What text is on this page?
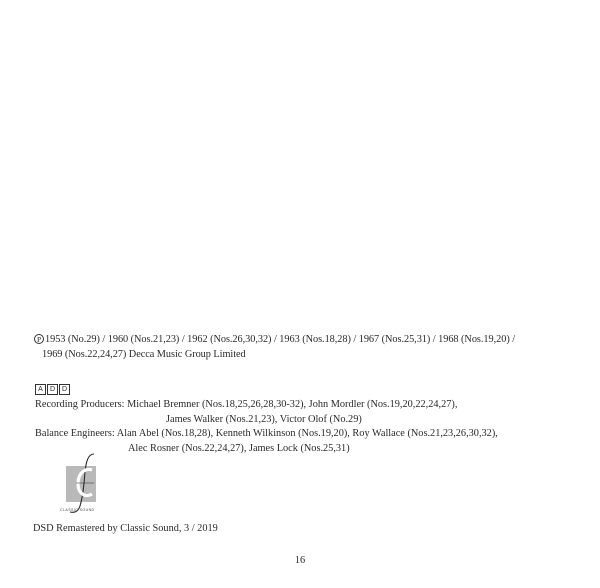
P 1953 (No.29) / 1960 (Nos.21,23) / 1962 (Nos.26,30,32) / 1963 (Nos.18,28) / 1967 (Nos.25,31) / 1968 (Nos.19,20) /
1969 (Nos.22,24,27) Decca Music Group Limited
A	D D
Recording Producers: Michael Bremner (Nos.18,25,26,28,30-32), John Mordler (Nos.19,20,22,24,27),
James Walker (Nos.21,23), Victor Olof (No.29)
Balance Engineers: Alan Abel (Nos.18,28), Kenneth Wilkinson (Nos.19,20), Roy Wallace (Nos.21,23,26,30,32),
Alec Rosner (Nos.22,24,27), James Lock (Nos.25,31)
CLASSIC SOUND
DSD Remastered by Classic Sound, 3 / 2019
16
